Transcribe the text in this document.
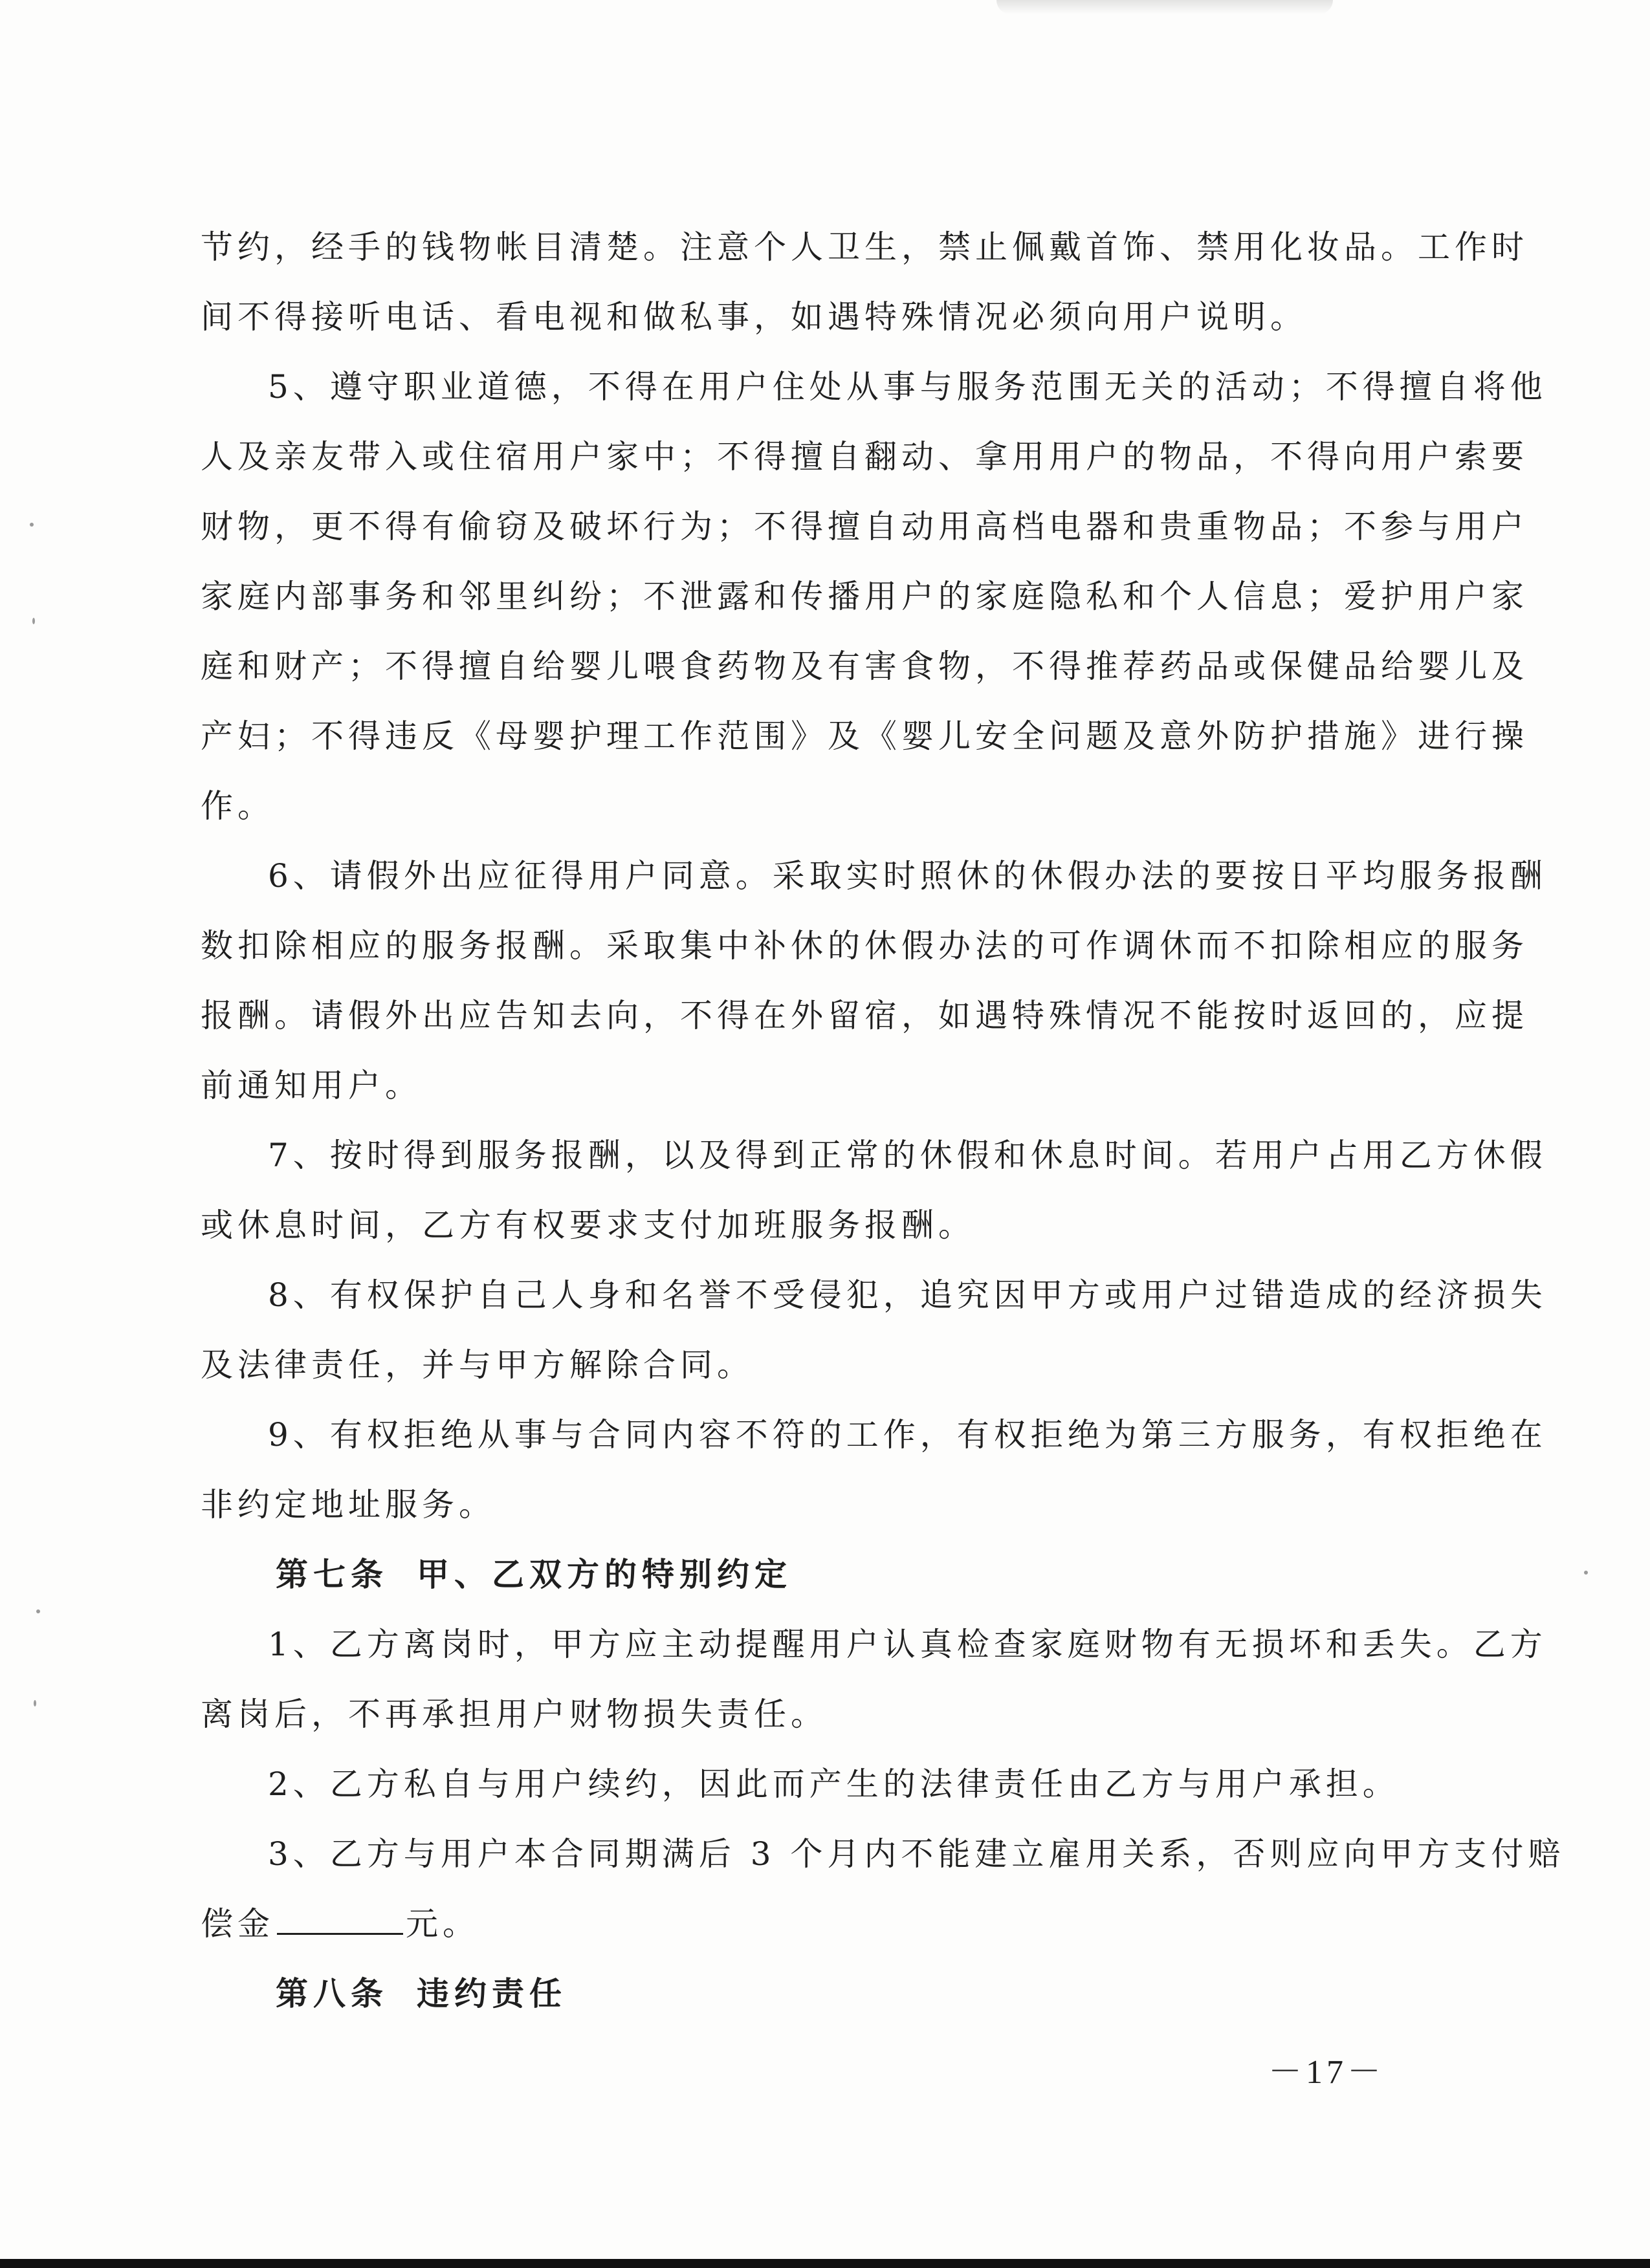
节约，经手的钱物帐目清楚。注意个人卫生，禁止佩戴首饰、禁用化妆品。工作时
间不得接听电话、看电视和做私事，如遇特殊情况必须向用户说明。
5、遵守职业道德，不得在用户住处从事与服务范围无关的活动；不得擅自将他
人及亲友带入或住宿用户家中；不得擅自翻动、拿用用户的物品，不得向用户索要
财物，更不得有偷窃及破坏行为；不得擅自动用高档电器和贵重物品；不参与用户
家庭内部事务和邻里纠纷；不泄露和传播用户的家庭隐私和个人信息；爱护用户家
庭和财产；不得擅自给婴儿喂食药物及有害食物，不得推荐药品或保健品给婴儿及
产妇；不得违反《母婴护理工作范围》及《婴儿安全问题及意外防护措施》进行操
作。
6、请假外出应征得用户同意。采取实时照休的休假办法的要按日平均服务报酬
数扣除相应的服务报酬。采取集中补休的休假办法的可作调休而不扣除相应的服务
报酬。请假外出应告知去向，不得在外留宿，如遇特殊情况不能按时返回的，应提
前通知用户。
7、按时得到服务报酬，以及得到正常的休假和休息时间。若用户占用乙方休假
或休息时间，乙方有权要求支付加班服务报酬。
8、有权保护自己人身和名誉不受侵犯，追究因甲方或用户过错造成的经济损失
及法律责任，并与甲方解除合同。
9、有权拒绝从事与合同内容不符的工作，有权拒绝为第三方服务，有权拒绝在
非约定地址服务。
第七条 甲、乙双方的特别约定
1、乙方离岗时，甲方应主动提醒用户认真检查家庭财物有无损坏和丢失。乙方
离岗后，不再承担用户财物损失责任。
2、乙方私自与用户续约，因此而产生的法律责任由乙方与用户承担。
3、乙方与用户本合同期满后 3 个月内不能建立雇用关系，否则应向甲方支付赔
偿金	元。
第八条 违约责任
－17－
